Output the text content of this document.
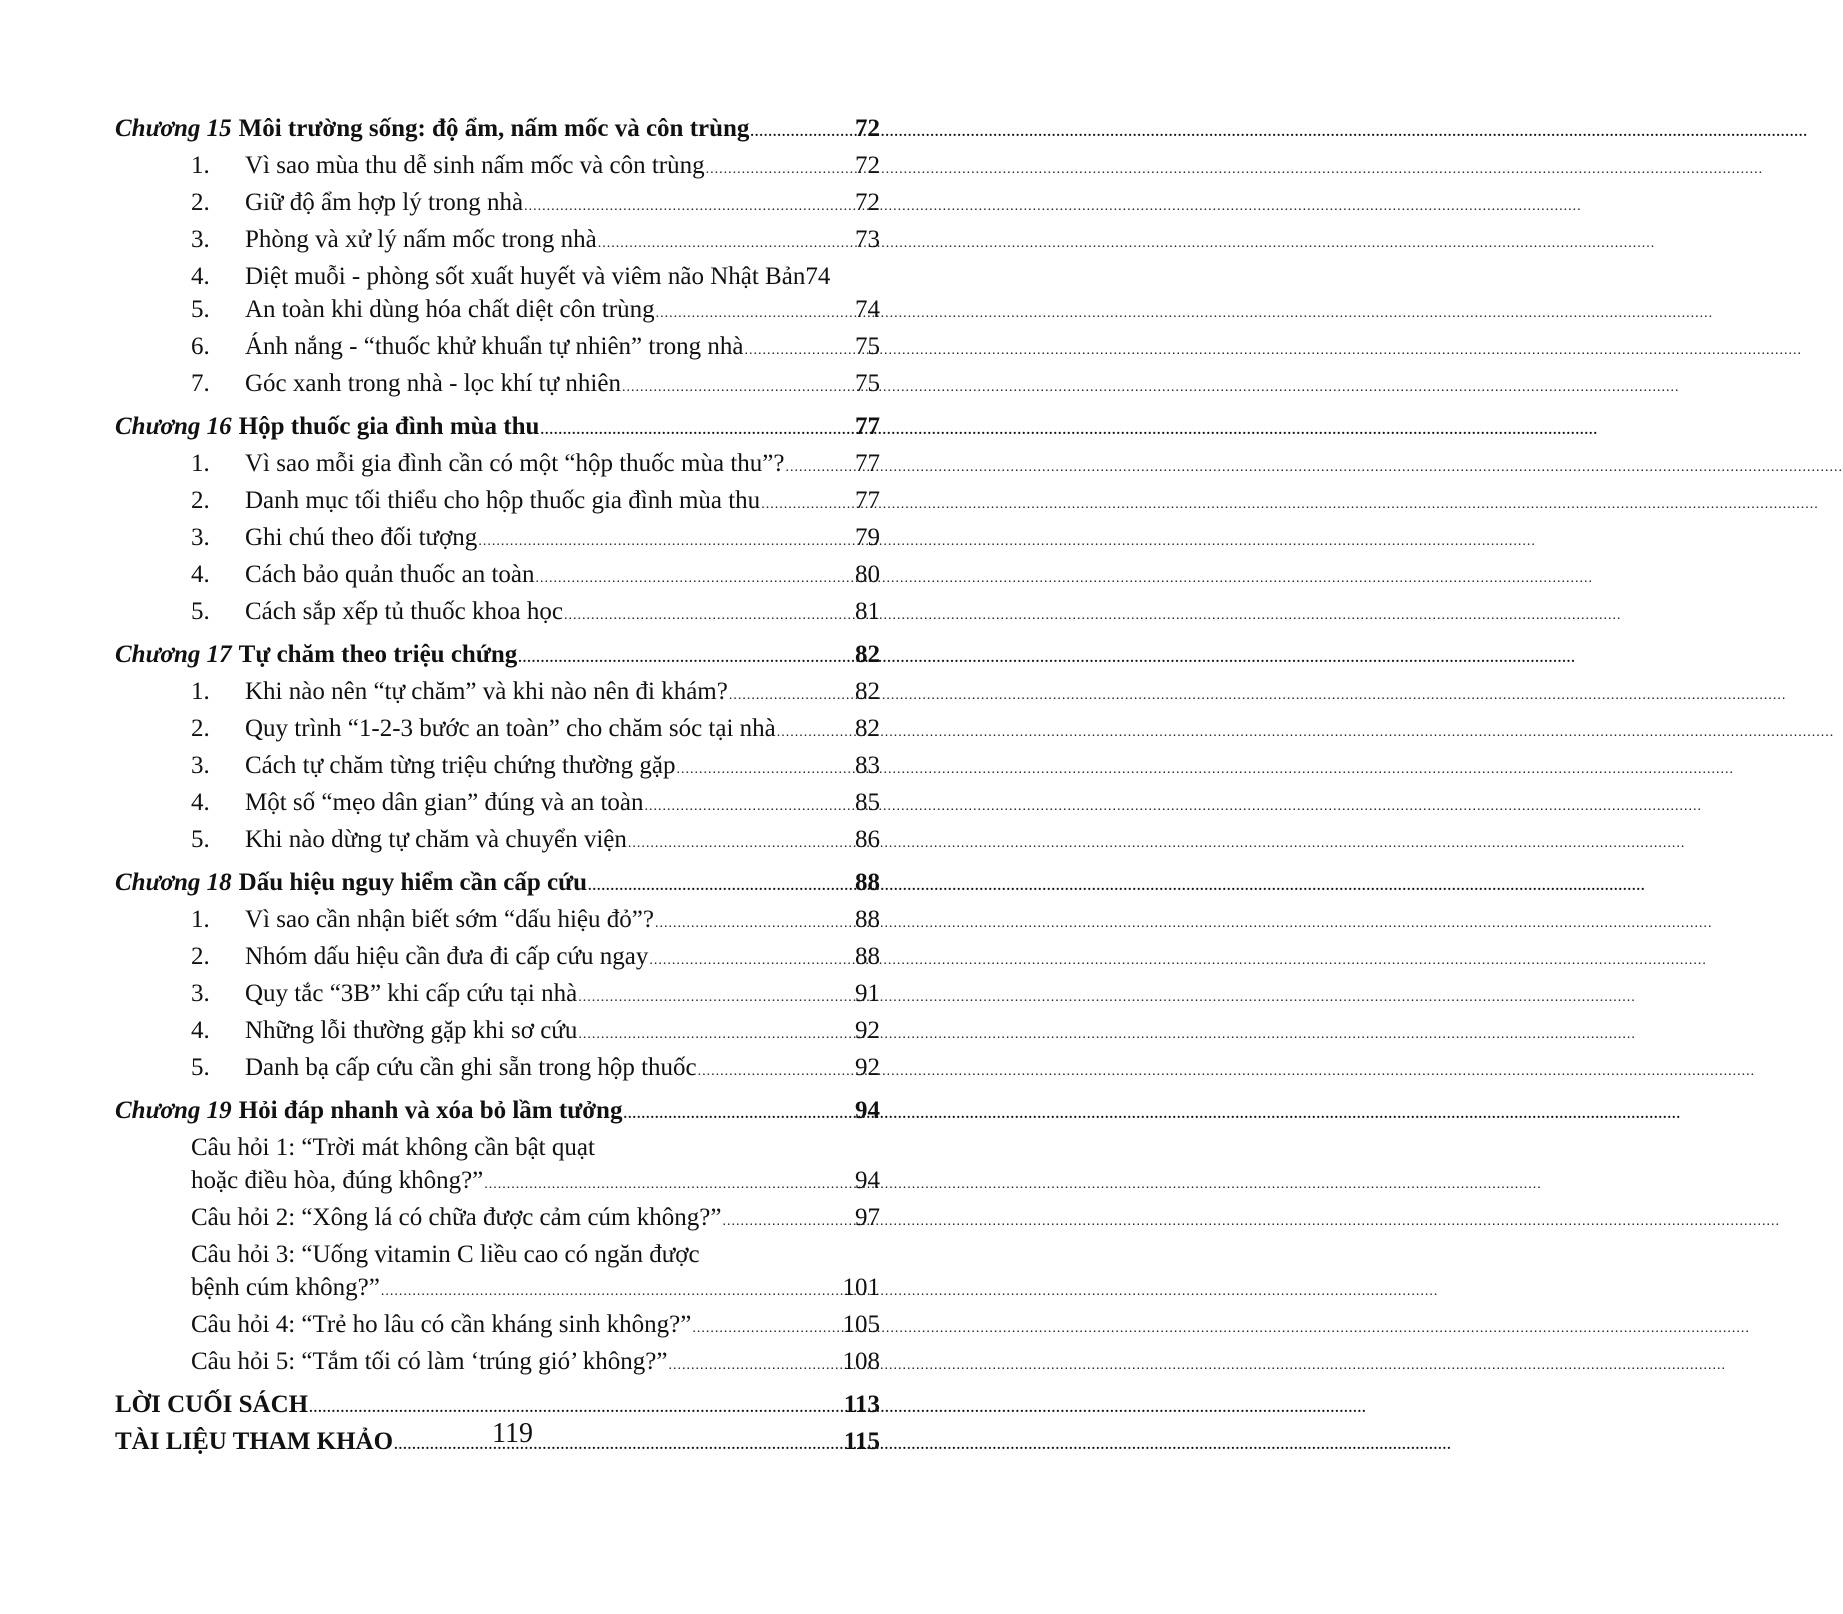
Chương 15 Môi trường sống: độ ẩm, nấm mốc và côn trùng .....	72
1. Vì sao mùa thu dễ sinh nấm mốc và côn trùng .....	72
2. Giữ độ ẩm hợp lý trong nhà .....	72
3. Phòng và xử lý nấm mốc trong nhà .....	73
4. Diệt muỗi - phòng sốt xuất huyết và viêm não Nhật Bản 74
5. An toàn khi dùng hóa chất diệt côn trùng .....	74
6. Ánh nắng - “thuốc khử khuẩn tự nhiên” trong nhà .....	75
7. Góc xanh trong nhà - lọc khí tự nhiên .....	75
Chương 16 Hộp thuốc gia đình mùa thu .....	77
1. Vì sao mỗi gia đình cần có một “hộp thuốc mùa thu”? .....	77
2. Danh mục tối thiểu cho hộp thuốc gia đình mùa thu .....	77
3. Ghi chú theo đối tượng .....	79
4. Cách bảo quản thuốc an toàn .....	80
5. Cách sắp xếp tủ thuốc khoa học .....	81
Chương 17 Tự chăm theo triệu chứng .....	82
1. Khi nào nên “tự chăm” và khi nào nên đi khám? .....	82
2. Quy trình “1-2-3 bước an toàn” cho chăm sóc tại nhà .....	82
3. Cách tự chăm từng triệu chứng thường gặp .....	83
4. Một số “mẹo dân gian” đúng và an toàn .....	85
5. Khi nào dừng tự chăm và chuyển viện .....	86
Chương 18 Dấu hiệu nguy hiểm cần cấp cứu .....	88
1. Vì sao cần nhận biết sớm “dấu hiệu đỏ”? .....	88
2. Nhóm dấu hiệu cần đưa đi cấp cứu ngay .....	88
3. Quy tắc “3B” khi cấp cứu tại nhà .....	91
4. Những lỗi thường gặp khi sơ cứu .....	92
5. Danh bạ cấp cứu cần ghi sẵn trong hộp thuốc .....	92
Chương 19 Hỏi đáp nhanh và xóa bỏ lầm tưởng .....	94
Câu hỏi 1: “Trời mát không cần bật quạt
hoặc điều hòa, đúng không?” .....	94
Câu hỏi 2: “Xông lá có chữa được cảm cúm không?” .....	97
Câu hỏi 3: “Uống vitamin C liều cao có ngăn được
bệnh cúm không?” .....	101
Câu hỏi 4: “Trẻ ho lâu có cần kháng sinh không?” .....	105
Câu hỏi 5: “Tắm tối có làm ‘trúng gió’ không?” .....	108
LỜI CUỐI SÁCH .....	113
TÀI LIỆU THAM KHẢO .....	115
119
